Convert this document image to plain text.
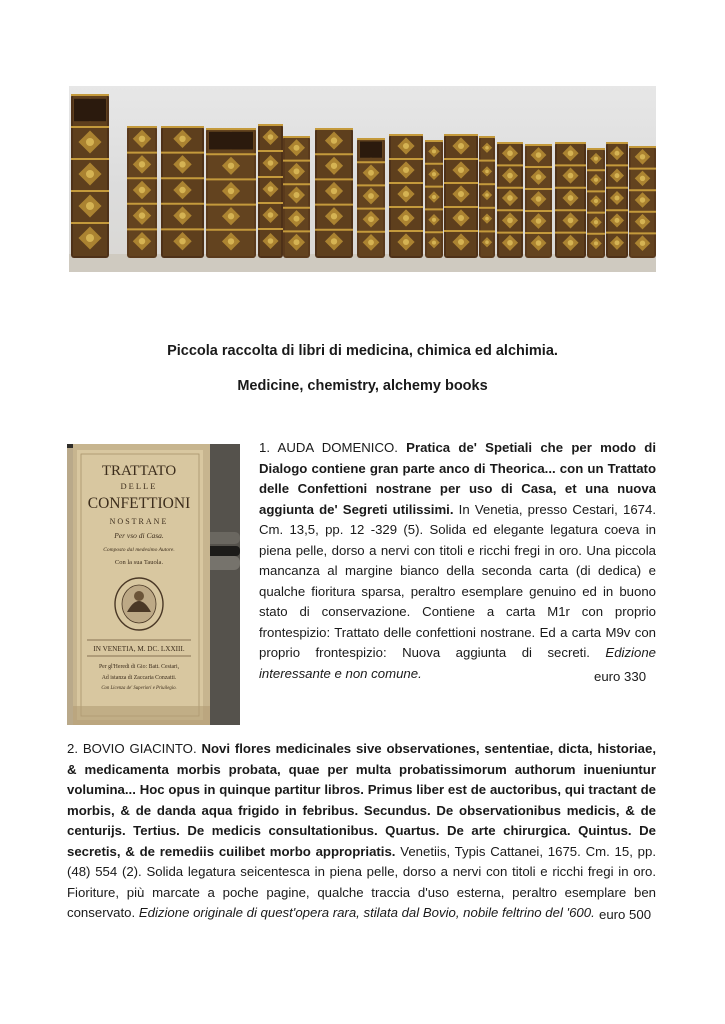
Piccola raccolta di libri di medicina, chimica ed alchimia.
Medicine, chemistry, alchemy books
TRATTATO
DELLE
CONFETTIONI
NOSTRANE
Per vso di Casa.
Composto dal medesimo Autore.
Con la sua Tauola.
IN VENETIA, M. DC. LXXIII.
Per gl'Heredi di Gio: Batt. Cestari,
Ad istanza di Zaccaria Conzatti.
Con Licenza de' Superiori e Priuilegio.
1. AUDA DOMENICO. Pratica de' Spetiali che per modo di Dialogo contiene gran parte anco di Theorica... con un Trattato delle Confettioni nostrane per uso di Casa, et una nuova aggiunta de' Segreti utilissimi. In Venetia, presso Cestari, 1674. Cm. 13,5, pp. 12 -329 (5). Solida ed elegante legatura coeva in piena pelle, dorso a nervi con titoli e ricchi fregi in oro. Una piccola mancanza al margine bianco della seconda carta (di dedica) e qualche fioritura sparsa, peraltro esemplare genuino ed in buono stato di conservazione. Contiene a carta M1r con proprio frontespizio: Trattato delle confettioni nostrane. Ed a carta M9v con proprio frontespizio: Nuova aggiunta di secreti. Edizione interessante e non comune.	euro 330
2. BOVIO GIACINTO. Novi flores medicinales sive observationes, sententiae, dicta, historiae, & medicamenta morbis probata, quae per multa probatissimorum authorum inueniuntur volumina... Hoc opus in quinque partitur libros. Primus liber est de auctoribus, qui tractant de morbis, & de danda aqua frigido in febribus. Secundus. De observationibus medicis, & de centurijs. Tertius. De medicis consultationibus. Quartus. De arte chirurgica. Quintus. De secretis, & de remediis cuilibet morbo appropriatis. Venetiis, Typis Cattanei, 1675. Cm. 15, pp. (48) 554 (2). Solida legatura seicentesca in piena pelle, dorso a nervi con titoli e ricchi fregi in oro. Fioriture, più marcate a poche pagine, qualche traccia d'uso esterna, peraltro esemplare ben conservato. Edizione originale di quest'opera rara, stilata dal Bovio, nobile feltrino del '600. euro 500
